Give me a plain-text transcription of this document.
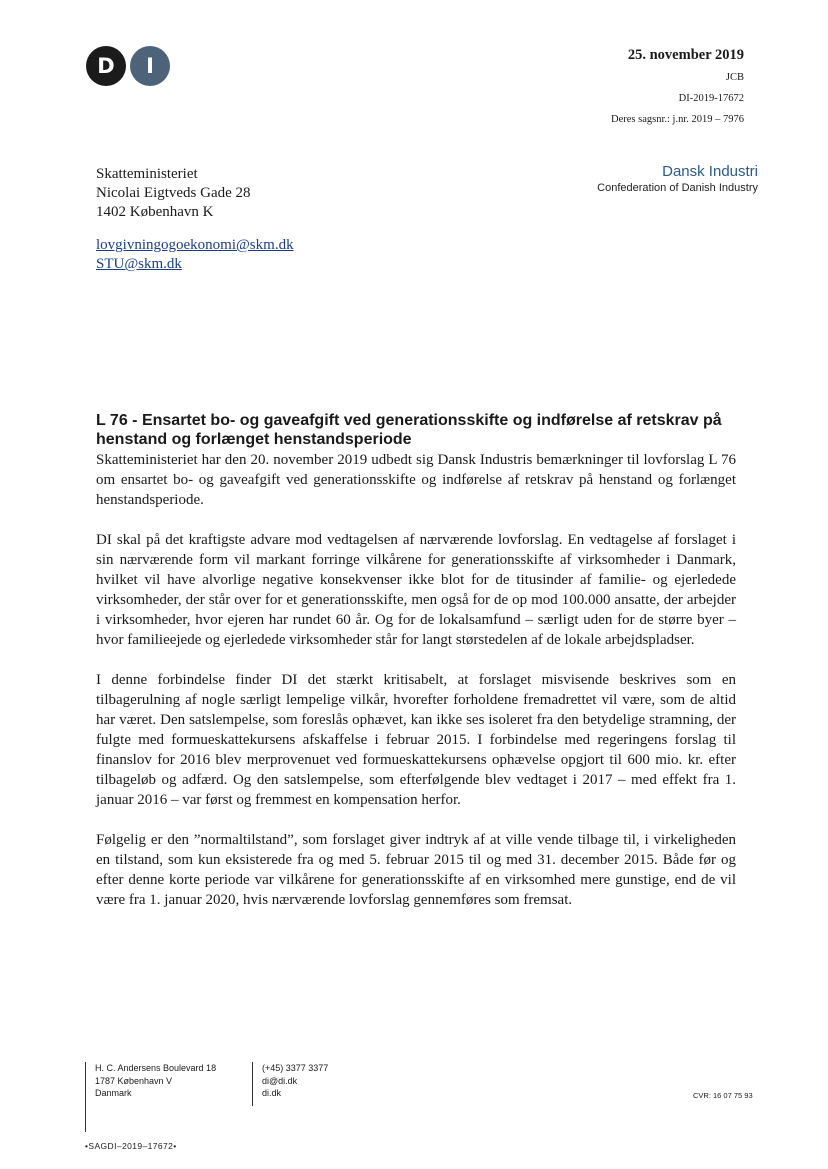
D	I	25. november 2019
JCB
DI-2019-17672
Deres sagsnr.: j.nr. 2019 – 7976
Dansk Industri
Confederation of Danish Industry
Skatteministeriet
Nicolai Eigtveds Gade 28
1402 København K
lovgivningogoekonomi@skm.dk
STU@skm.dk
L 76 - Ensartet bo- og gaveafgift ved generationsskifte og indførelse af retskrav på henstand og forlænget henstandsperiode

Skatteministeriet har den 20. november 2019 udbedt sig Dansk Industris bemærkninger til lovforslag L 76 om ensartet bo- og gaveafgift ved generationsskifte og indførelse af retskrav på henstand og forlænget henstandsperiode.

DI skal på det kraftigste advare mod vedtagelsen af nærværende lovforslag. En vedtagelse af forslaget i sin nærværende form vil markant forringe vilkårene for generationsskifte af virksomheder i Danmark, hvilket vil have alvorlige negative konsekvenser ikke blot for de titusinder af familie- og ejerledede virksomheder, der står over for et generationsskifte, men også for de op mod 100.000 ansatte, der arbejder i virksomheder, hvor ejeren har rundet 60 år. Og for de lokalsamfund – særligt uden for de større byer – hvor familieejede og ejerledede virksomheder står for langt størstedelen af de lokale arbejdspladser.

I denne forbindelse finder DI det stærkt kritisabelt, at forslaget misvisende beskrives som en tilbagerulning af nogle særligt lempelige vilkår, hvorefter forholdene fremadrettet vil være, som de altid har været. Den satslempelse, som foreslås ophævet, kan ikke ses isoleret fra den betydelige stramning, der fulgte med formueskattekursens afskaffelse i februar 2015. I forbindelse med regeringens forslag til finanslov for 2016 blev merprovenuet ved formueskattekursens ophævelse opgjort til 600 mio. kr. efter tilbageløb og adfærd. Og den satslempelse, som efterfølgende blev vedtaget i 2017 – med effekt fra 1. januar 2016 – var først og fremmest en kompensation herfor.

Følgelig er den ”normaltilstand”, som forslaget giver indtryk af at ville vende tilbage til, i virkeligheden en tilstand, som kun eksisterede fra og med 5. februar 2015 til og med 31. december 2015. Både før og efter denne korte periode var vilkårene for generationsskifte af en virksomhed mere gunstige, end de vil være fra 1. januar 2020, hvis nærværende lovforslag gennemføres som fremsat.

H. C. Andersens Boulevard 18
1787 København V
Danmark
(+45) 3377 3377
di@di.dk
di.dk	CVR: 16 07 75 93
•SAGDI–2019–17672•
